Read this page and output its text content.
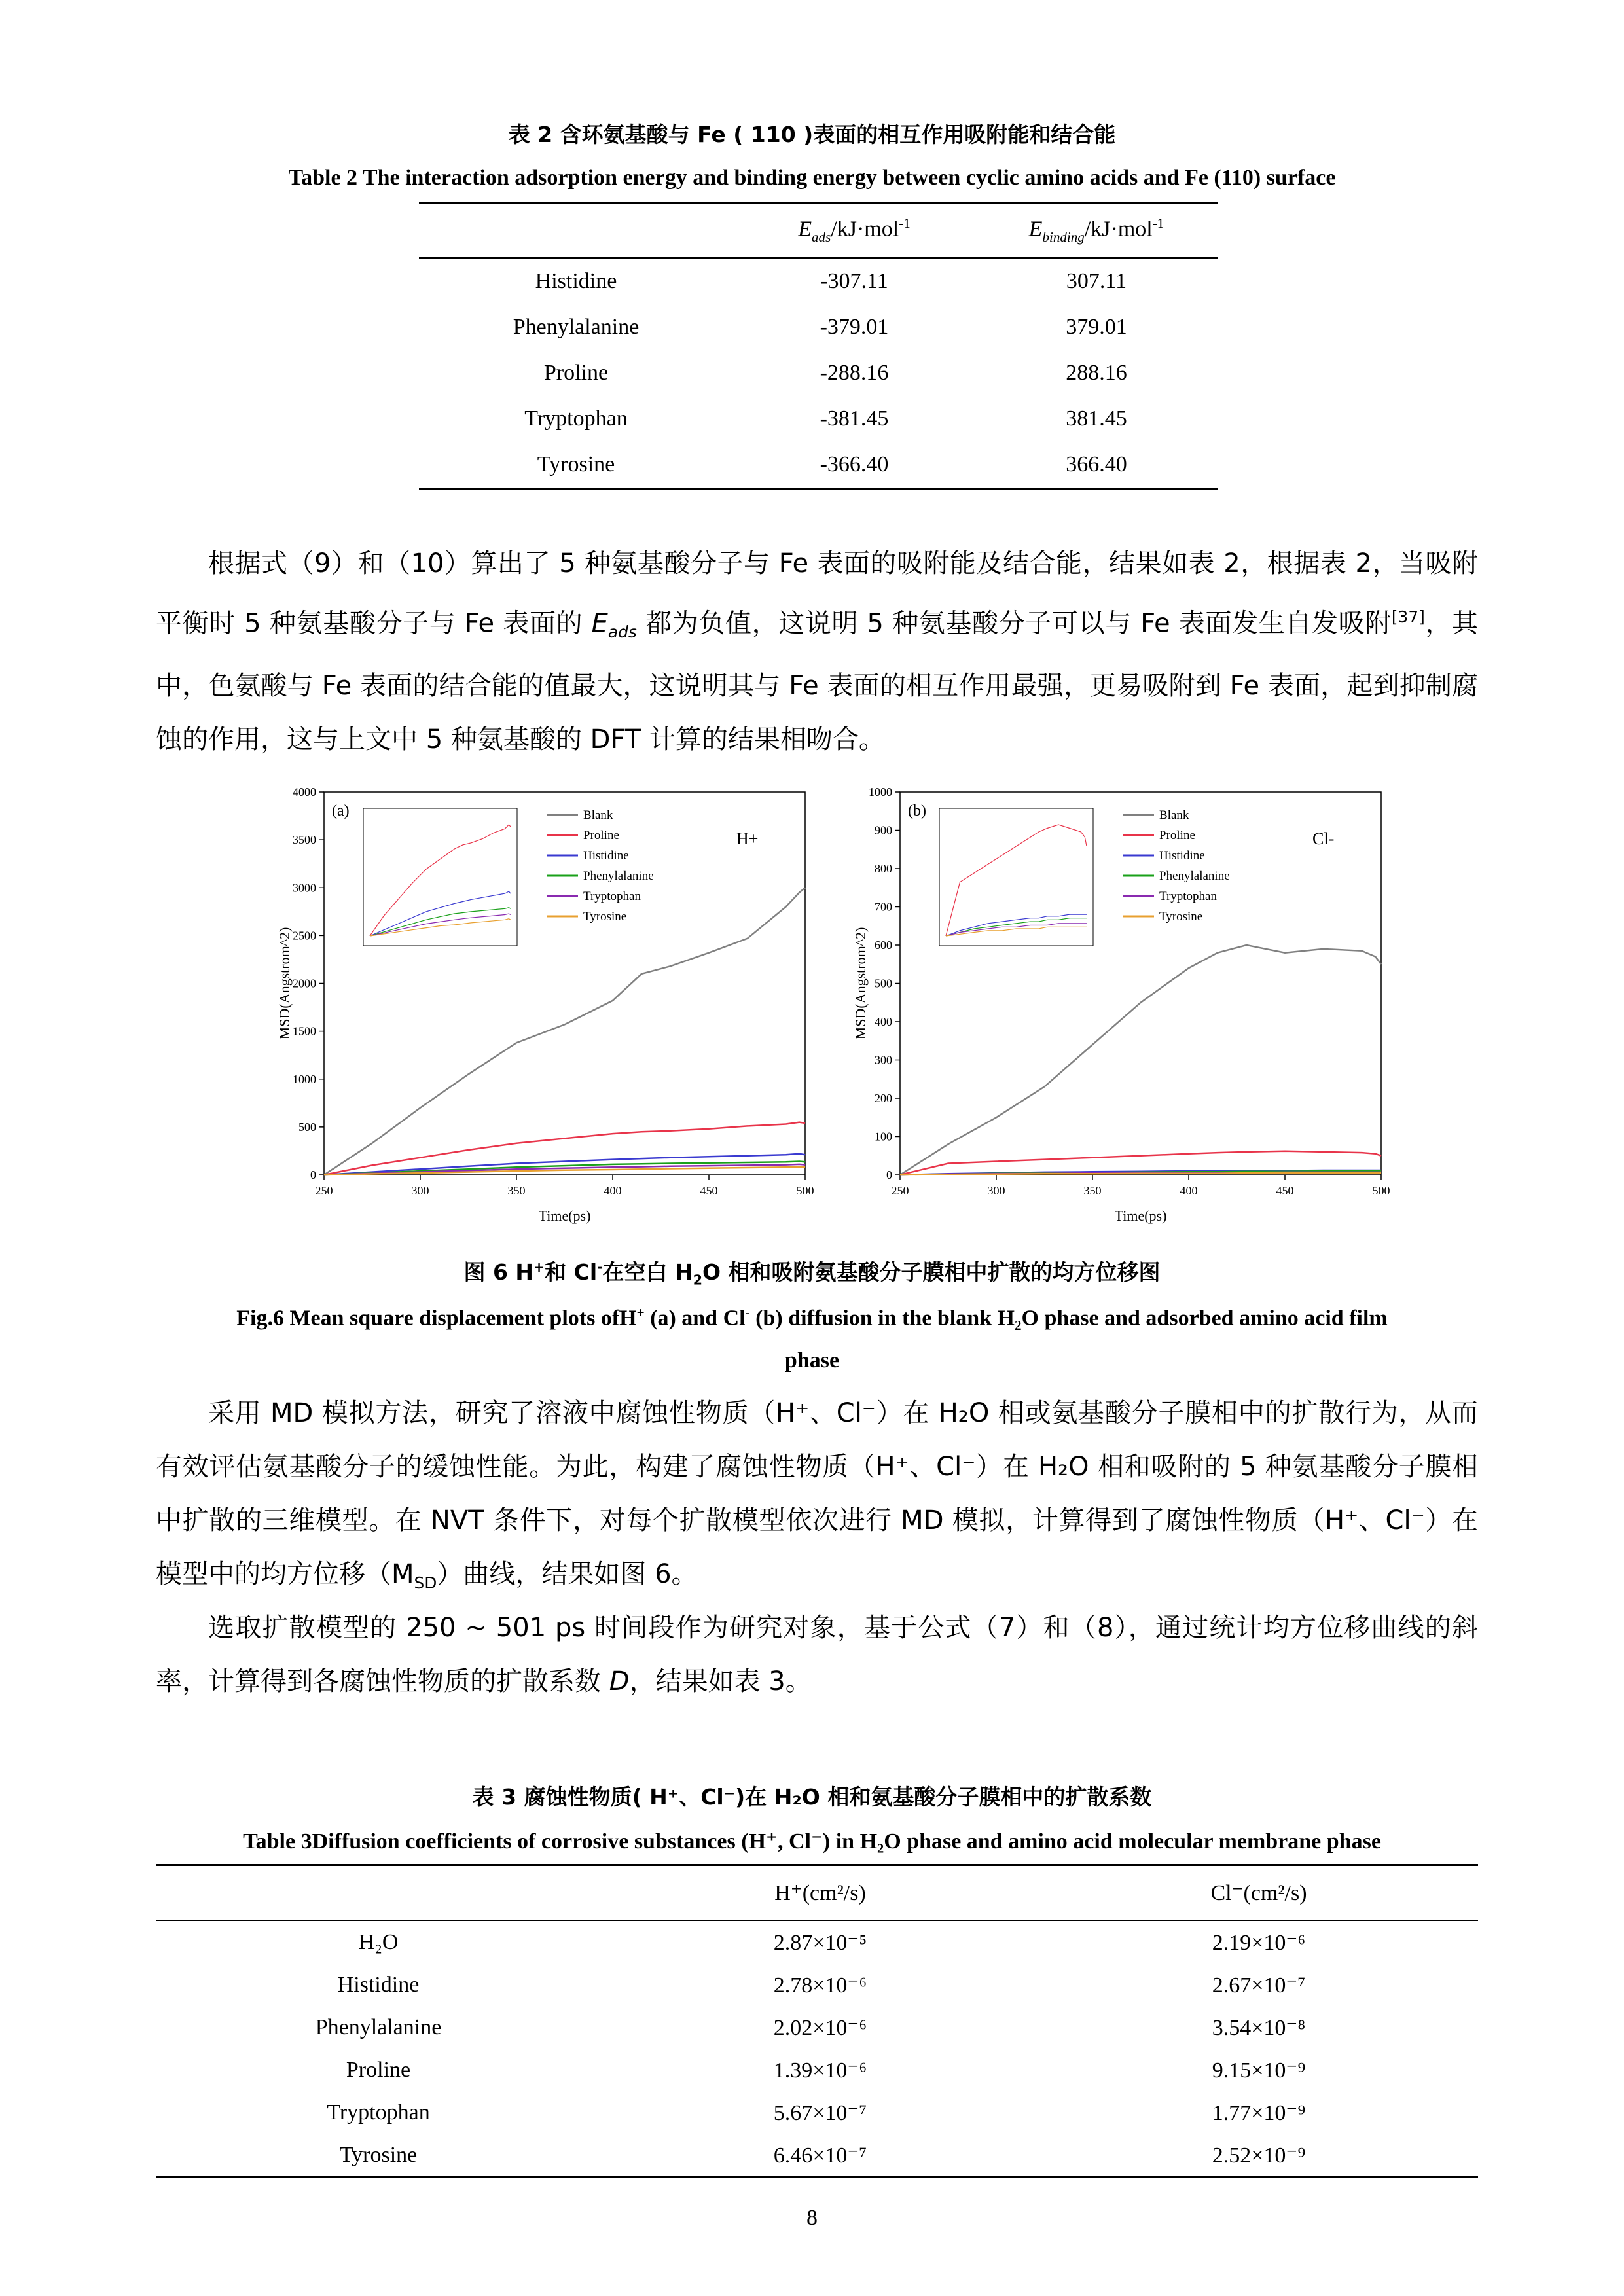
表 2 含环氨基酸与 Fe ( 110 )表面的相互作用吸附能和结合能
Table 2 The interaction adsorption energy and binding energy between cyclic amino acids and Fe (110) surface
	$E_{ads}/kJ\cdot mol^{-1}$	$E_{binding}/kJ\cdot mol^{-1}$
Histidine	-307.11	307.11
Phenylalanine	-379.01	379.01
Proline	-288.16	288.16
Tryptophan	-381.45	381.45
Tyrosine	-366.40	366.40

根据式（9）和（10）算出了 5 种氨基酸分子与 Fe 表面的吸附能及结合能，结果如表 2，根据表 2，当吸附平衡时 5 种氨基酸分子与 Fe 表面的 $E_{ads}$ 都为负值，这说明 5 种氨基酸分子可以与 Fe 表面发生自发吸附[37]，其中，色氨酸与 Fe 表面的结合能的值最大，这说明其与 Fe 表面的相互作用最强，更易吸附到 Fe 表面，起到抑制腐蚀的作用，这与上文中 5 种氨基酸的 DFT 计算的结果相吻合。

250	300	350	400	450	500
0
500
1000
1500
2000
2500
3000
3500
4000
Time(ps)
MSD(Angstrom^2)
(a)	Blank
Proline
Histidine
Phenylalanine
Tryptophan
Tyrosine
H+
250	300	350	400	450	500
0
100
200
300
400
500
600
700
800
900
1000
Time(ps)
MSD(Angstrom^2)
(b)	Blank
Proline
Histidine
Phenylalanine
Tryptophan
Tyrosine
Cl-
图 6 H+和 Cl-在空白 $H_2O$ 相和吸附氨基酸分子膜相中扩散的均方位移图
Fig.6 Mean square displacement plots ofH+ (a) and Cl- (b) diffusion in the blank $H_2O$ phase and adsorbed amino acid film
phase

采用 MD 模拟方法，研究了溶液中腐蚀性物质（H⁺、Cl⁻）在 H₂O 相或氨基酸分子膜相中的扩散行为，从而有效评估氨基酸分子的缓蚀性能。为此，构建了腐蚀性物质（H⁺、Cl⁻）在 H₂O 相和吸附的 5 种氨基酸分子膜相中扩散的三维模型。在 NVT 条件下，对每个扩散模型依次进行 MD 模拟，计算得到了腐蚀性物质（H⁺、Cl⁻）在模型中的均方位移$(M_{SD})$曲线，结果如图 6。

选取扩散模型的 250 ~ 501 ps 时间段作为研究对象，基于公式（7）和（8），通过统计均方位移曲线的斜率，计算得到各腐蚀性物质的扩散系数 D，结果如表 3。

表 3 腐蚀性物质( H⁺、Cl⁻)在 H₂O 相和氨基酸分子膜相中的扩散系数
Table 3Diffusion coefficients of corrosive substances (H⁺, Cl⁻) in H₂O phase and amino acid molecular membrane phase
	H⁺(cm²/s)	Cl⁻(cm²/s)
H₂O	2.87×10⁻⁵	2.19×10⁻⁶
Histidine	2.78×10⁻⁶	2.67×10⁻⁷
Phenylalanine	2.02×10⁻⁶	3.54×10⁻⁸
Proline	1.39×10⁻⁶	9.15×10⁻⁹
Tryptophan	5.67×10⁻⁷	1.77×10⁻⁹
Tyrosine	6.46×10⁻⁷	2.52×10⁻⁹
8
